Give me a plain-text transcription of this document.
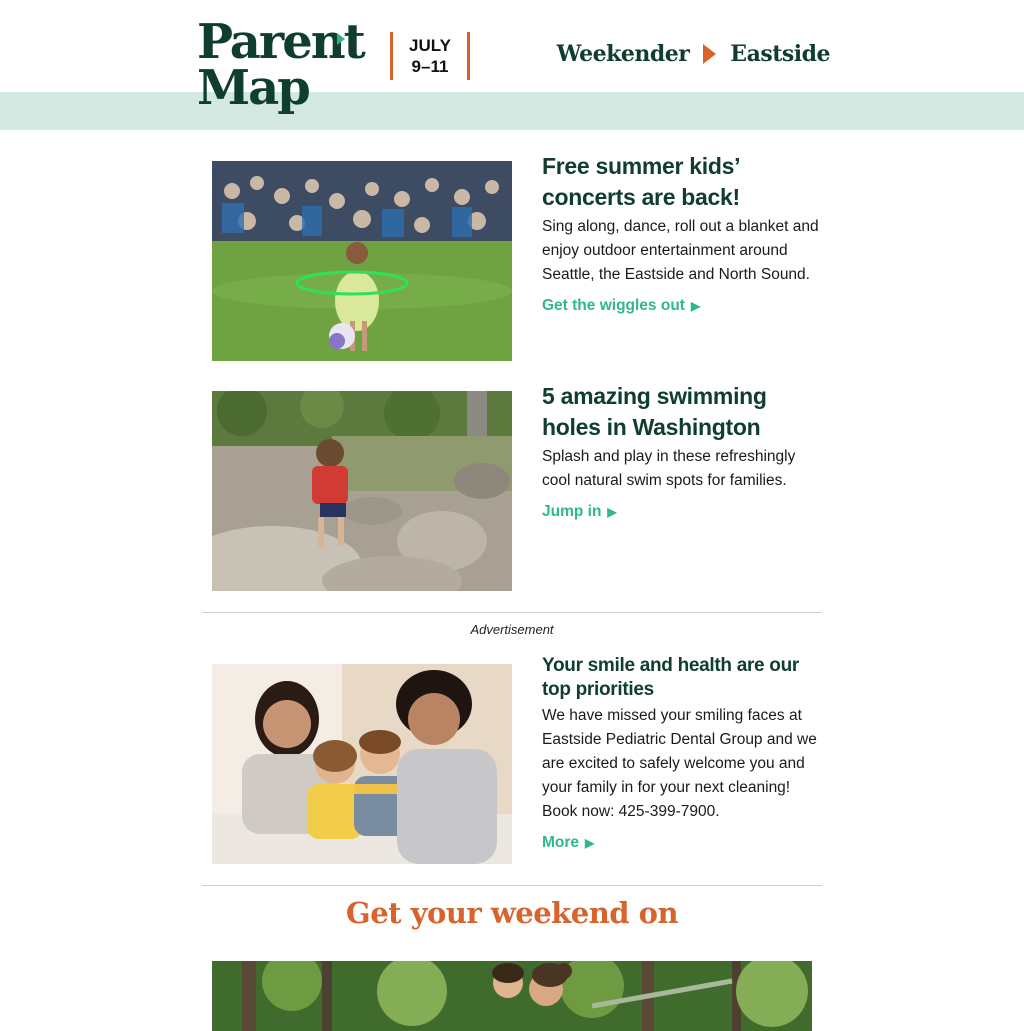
Parent
Map
JULY
9–11	Weekender Eastside
Free summer kids’ concerts are back!

Sing along, dance, roll out a blanket and enjoy outdoor entertainment around Seattle, the Eastside and North Sound.

Get the wiggles out ▶
5 amazing swimming holes in Washington

Splash and play in these refreshingly cool natural swim spots for families.

Jump in ▶
Advertisement
Your smile and health are our top priorities

We have missed your smiling faces at Eastside Pediatric Dental Group and we are excited to safely welcome you and your family in for your next cleaning! Book now: 425-399-7900.

More ▶
Get your weekend on
